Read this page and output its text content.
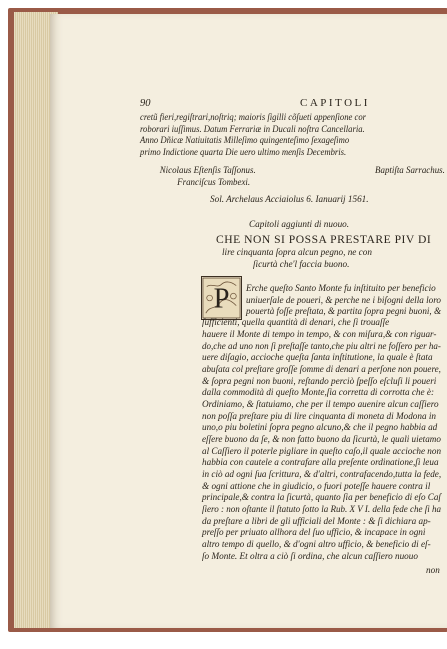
90	CAPITOLI
cretũ fieri,regiſtrari,noſtriq; maioris ſigilli cõſueti appenſione cor
roborari iuſſimus. Datum Ferrariæ in Ducali noſtra Cancellaria.
Anno Dñicæ Natiuitatis Milleſimo quingenteſimo ſexageſimo
primo Indictione quarta Die uero ultimo menſis Decembris.
Nicolaus Eſtenſis Taſſonus.
Franciſcus Tombexi.
Baptiſta Sarrachus.
Sol. Archelaus Acciaiolus 6. Ianuarij 1561.
Capitoli aggiunti di nuouo.
CHE NON SI POSSA PRESTARE PIV DI
lire cinquanta ſopra alcun pegno, ne con
ſicurtà che'l faccia buono.
P Erche queſto Santo Monte fu inſtituito per beneficio
uniuerſale de poueri, & perche ne i biſogni della loro
pouertà foſſe preſtata, & partita ſopra pegni buoni, &
ſufficienti, quella quantità di denari, che ſi trouaſſe
hauere il Monte di tempo in tempo, & con miſura,& con riguar-
do,che ad uno non ſi preſtaſſe tanto,che piu altri ne foſſero per ha-
uere diſagio, accioche queſta ſanta inſtitutione, la quale è ſtata
abuſata col preſtare groſſe ſomme di denari a perſone non pouere,
& ſopra pegni non buoni, reſtando perciò ſpeſſo eſcluſi li poueri
dalla commodità di queſto Monte,ſia corretta di corrotta che è:
Ordiniamo, & ſtatuiamo, che per il tempo auenire alcun caſſiero
non poſſa preſtare piu di lire cinquanta di moneta di Modona in
uno,o piu boletini ſopra pegno alcuno,& che il pegno habbia ad
eſſere buono da ſe, & non fatto buono da ſicurtà, le quali uietamo
al Caſſiero il poterle pigliare in queſto caſo,il quale accioche non
habbia con cautele a contrafare alla preſente ordinatione,ſi leua
in ciò ad ogni ſua ſcrittura, & d'altri, contrafacendo,tutta la fede,
& ogni attione che in giudicio, o fuori poteſſe hauere contra il
principale,& contra la ſicurtà, quanto ſia per beneficio di eſo Caſ
ſiero : non oſtante il ſtatuto ſotto la Rub. X V I. della fede che ſi ha
da preſtare a libri de gli ufficiali del Monte : & ſi dichiara ap-
preſſo per priuato allhora del ſuo ufficio, & incapace in ogni
altro tempo di quello, & d'ogni altro ufficio, & beneficio di eſ-
ſo Monte. Et oltra a ciò ſi ordina, che alcun caſſiero nuouo
non
